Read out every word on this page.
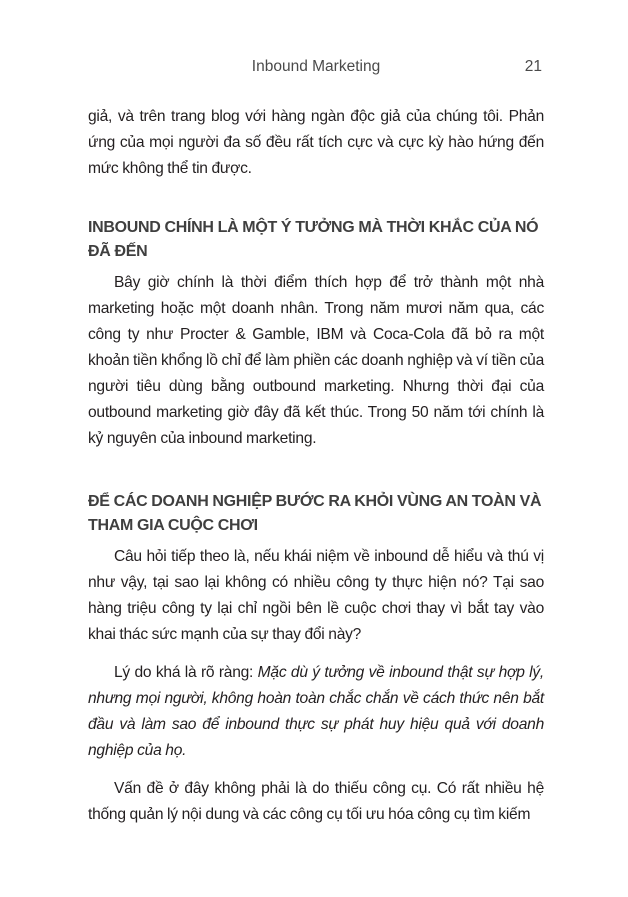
Inbound Marketing	21

giả, và trên trang blog với hàng ngàn độc giả của chúng tôi. Phản ứng của mọi người đa số đều rất tích cực và cực kỳ hào hứng đến mức không thể tin được.

INBOUND CHÍNH LÀ MỘT Ý TƯỞNG MÀ THỜI KHẮC CỦA NÓ ĐÃ ĐẾN

Bây giờ chính là thời điểm thích hợp để trở thành một nhà marketing hoặc một doanh nhân. Trong năm mươi năm qua, các công ty như Procter & Gamble, IBM và Coca-Cola đã bỏ ra một khoản tiền khổng lồ chỉ để làm phiền các doanh nghiệp và ví tiền của người tiêu dùng bằng outbound marketing. Nhưng thời đại của outbound marketing giờ đây đã kết thúc. Trong 50 năm tới chính là kỷ nguyên của inbound marketing.

ĐỂ CÁC DOANH NGHIỆP BƯỚC RA KHỎI VÙNG AN TOÀN VÀ THAM GIA CUỘC CHƠI

Câu hỏi tiếp theo là, nếu khái niệm về inbound dễ hiểu và thú vị như vậy, tại sao lại không có nhiều công ty thực hiện nó? Tại sao hàng triệu công ty lại chỉ ngồi bên lề cuộc chơi thay vì bắt tay vào khai thác sức mạnh của sự thay đổi này?

Lý do khá là rõ ràng: Mặc dù ý tưởng về inbound thật sự hợp lý, nhưng mọi người, không hoàn toàn chắc chắn về cách thức nên bắt đầu và làm sao để inbound thực sự phát huy hiệu quả với doanh nghiệp của họ.

Vấn đề ở đây không phải là do thiếu công cụ. Có rất nhiều hệ thống quản lý nội dung và các công cụ tối ưu hóa công cụ tìm kiếm
